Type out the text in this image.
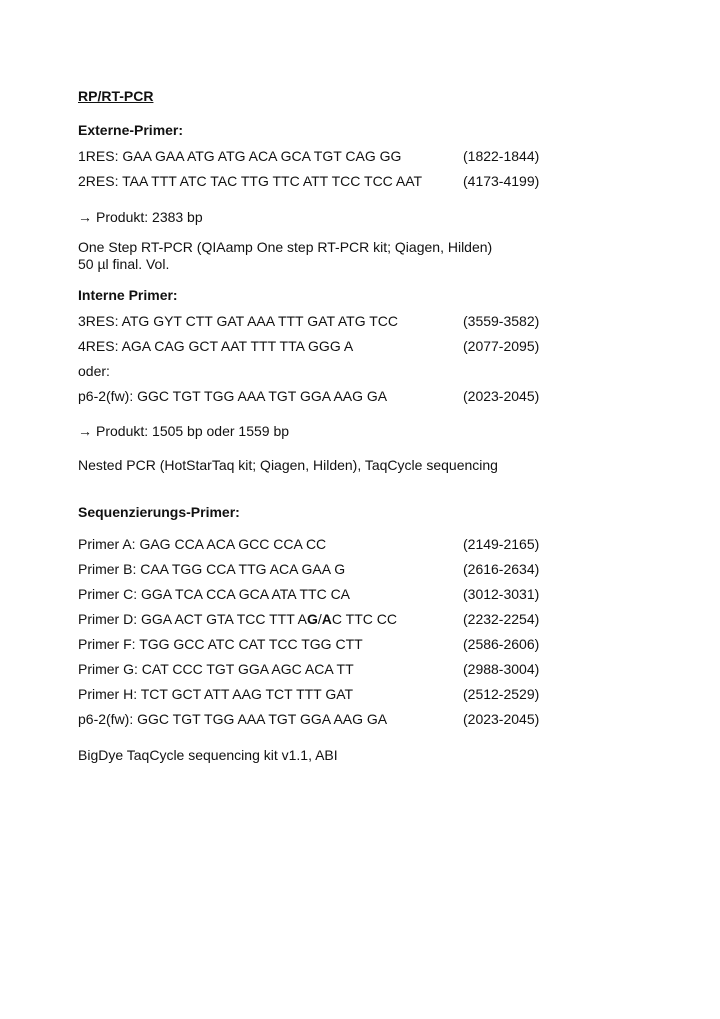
RP/RT-PCR
Externe-Primer:
1RES: GAA GAA ATG ATG ACA GCA TGT CAG GG	(1822-1844)
2RES: TAA TTT ATC TAC TTG TTC ATT TCC TCC AAT	(4173-4199)
→ Produkt: 2383 bp
One Step RT-PCR (QIAamp One step RT-PCR kit; Qiagen, Hilden)
50 µl final. Vol.
Interne Primer:
3RES: ATG GYT CTT GAT AAA TTT GAT ATG TCC	(3559-3582)
4RES: AGA CAG GCT AAT TTT TTA GGG A	(2077-2095)
oder:
p6-2(fw): GGC TGT TGG AAA TGT GGA AAG GA	(2023-2045)
→ Produkt: 1505 bp oder 1559 bp
Nested PCR (HotStarTaq kit; Qiagen, Hilden), TaqCycle sequencing
Sequenzierungs-Primer:
Primer A: GAG CCA ACA GCC CCA CC	(2149-2165)
Primer B: CAA TGG CCA TTG ACA GAA G	(2616-2634)
Primer C: GGA TCA CCA GCA ATA TTC CA	(3012-3031)
Primer D: GGA ACT GTA TCC TTT AG/AC TTC CC	(2232-2254)
Primer F: TGG GCC ATC CAT TCC TGG CTT	(2586-2606)
Primer G: CAT CCC TGT GGA AGC ACA TT	(2988-3004)
Primer H: TCT GCT ATT AAG TCT TTT GAT	(2512-2529)
p6-2(fw): GGC TGT TGG AAA TGT GGA AAG GA	(2023-2045)
BigDye TaqCycle sequencing kit v1.1, ABI
